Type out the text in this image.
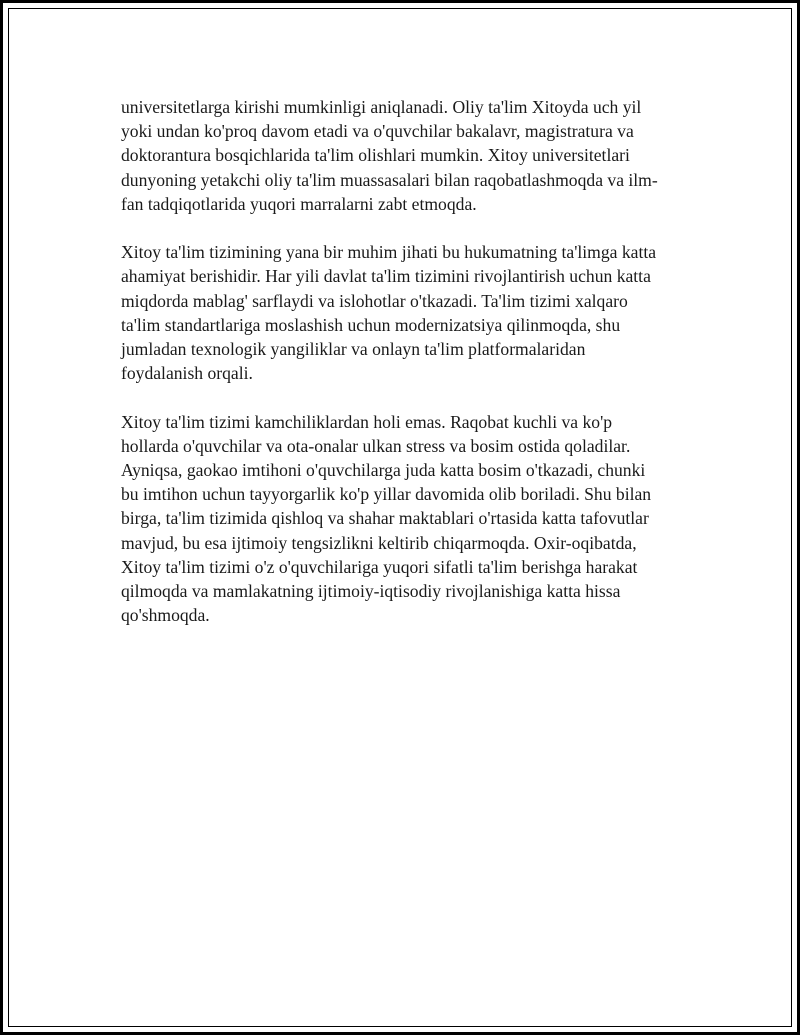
universitetlarga kirishi mumkinligi aniqlanadi. Oliy ta'lim Xitoyda uch yil
yoki undan ko'proq davom etadi va o'quvchilar bakalavr, magistratura va
doktorantura bosqichlarida ta'lim olishlari mumkin. Xitoy universitetlari
dunyoning yetakchi oliy ta'lim muassasalari bilan raqobatlashmoqda va ilm-
fan tadqiqotlarida yuqori marralarni zabt etmoqda.

Xitoy ta'lim tizimining yana bir muhim jihati bu hukumatning ta'limga katta
ahamiyat berishidir. Har yili davlat ta'lim tizimini rivojlantirish uchun katta
miqdorda mablag' sarflaydi va islohotlar o'tkazadi. Ta'lim tizimi xalqaro
ta'lim standartlariga moslashish uchun modernizatsiya qilinmoqda, shu
jumladan texnologik yangiliklar va onlayn ta'lim platformalaridan
foydalanish orqali.

Xitoy ta'lim tizimi kamchiliklardan holi emas. Raqobat kuchli va ko'p
hollarda o'quvchilar va ota-onalar ulkan stress va bosim ostida qoladilar.
Ayniqsa, gaokao imtihoni o'quvchilarga juda katta bosim o'tkazadi, chunki
bu imtihon uchun tayyorgarlik ko'p yillar davomida olib boriladi. Shu bilan
birga, ta'lim tizimida qishloq va shahar maktablari o'rtasida katta tafovutlar
mavjud, bu esa ijtimoiy tengsizlikni keltirib chiqarmoqda. Oxir-oqibatda,
Xitoy ta'lim tizimi o'z o'quvchilariga yuqori sifatli ta'lim berishga harakat
qilmoqda va mamlakatning ijtimoiy-iqtisodiy rivojlanishiga katta hissa
qo'shmoqda.
